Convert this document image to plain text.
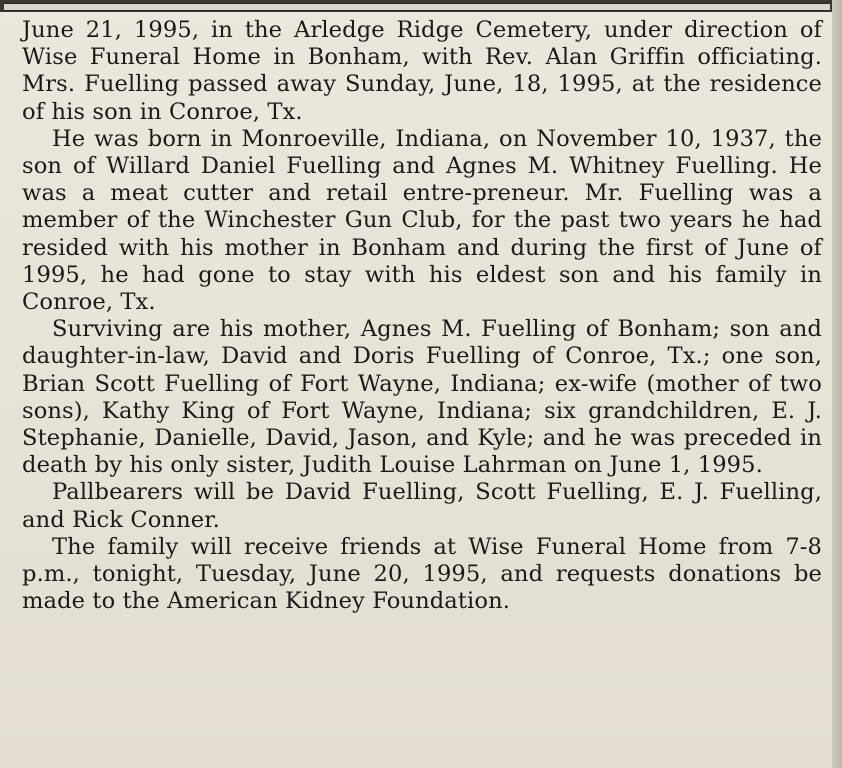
June 21, 1995, in the Arledge Ridge Cemetery, under direction of Wise Funeral Home in Bonham, with Rev. Alan Griffin officiating. Mrs. Fuelling passed away Sunday, June, 18, 1995, at the residence of his son in Conroe, Tx.

He was born in Monroeville, Indiana, on November 10, 1937, the son of Willard Daniel Fuelling and Agnes M. Whitney Fuelling. He was a meat cutter and retail entre-preneur. Mr. Fuelling was a member of the Winchester Gun Club, for the past two years he had resided with his mother in Bonham and during the first of June of 1995, he had gone to stay with his eldest son and his family in Conroe, Tx.

Surviving are his mother, Agnes M. Fuelling of Bonham; son and daughter-in-law, David and Doris Fuelling of Conroe, Tx.; one son, Brian Scott Fuelling of Fort Wayne, Indiana; ex-wife (mother of two sons), Kathy King of Fort Wayne, Indiana; six grandchildren, E. J. Stephanie, Danielle, David, Jason, and Kyle; and he was preceded in death by his only sister, Judith Louise Lahrman on June 1, 1995.

Pallbearers will be David Fuelling, Scott Fuelling, E. J. Fuelling, and Rick Conner.

The family will receive friends at Wise Funeral Home from 7-8 p.m., tonight, Tuesday, June 20, 1995, and requests donations be made to the American Kidney Foundation.
